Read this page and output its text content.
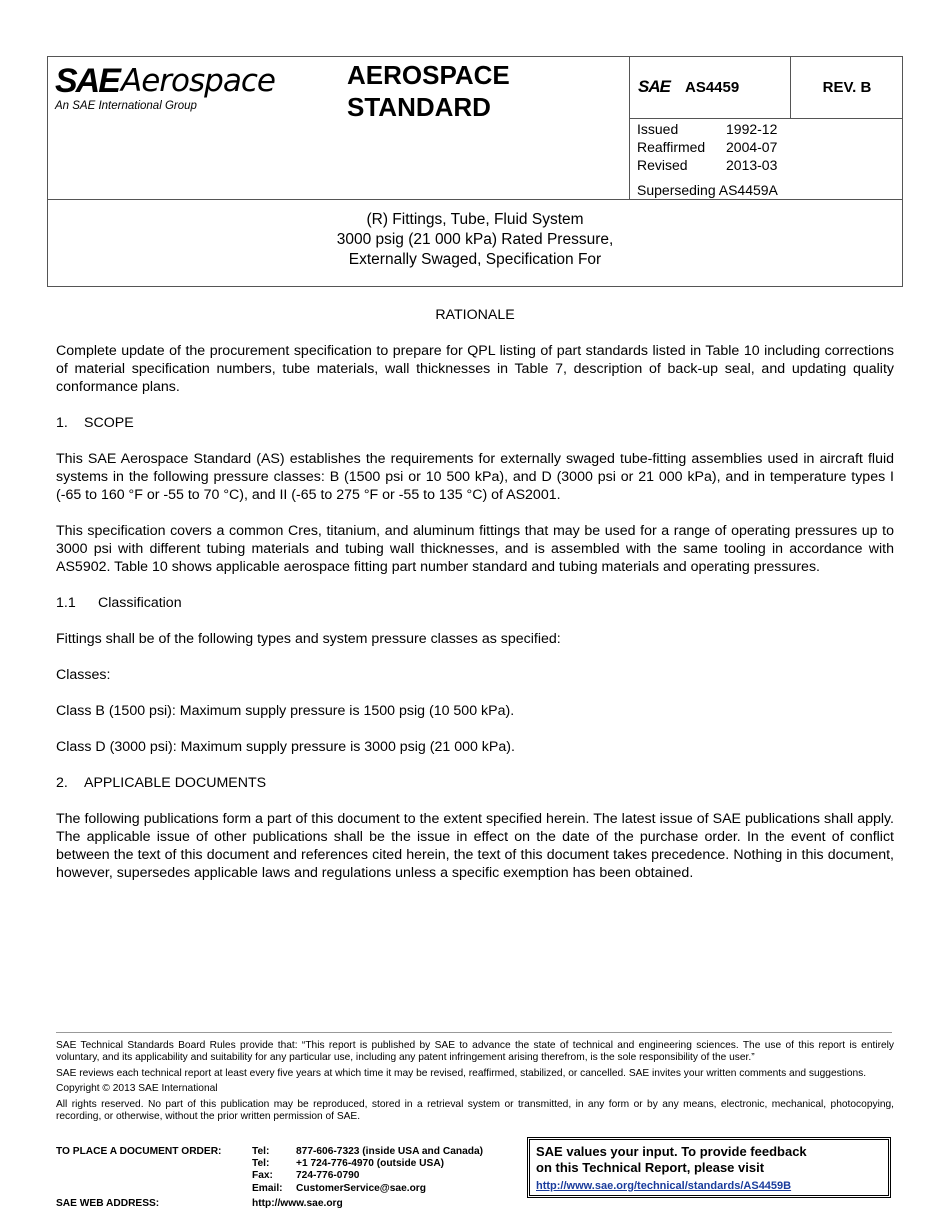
SAE Aerospace
An SAE International Group
AEROSPACE
STANDARD
SAE AS4459	REV. B
Issued	1992-12
Reaffirmed	2004-07
Revised	2013-03
Superseding AS4459A
(R) Fittings, Tube, Fluid System
3000 psig (21 000 kPa) Rated Pressure,
Externally Swaged, Specification For

RATIONALE

Complete update of the procurement specification to prepare for QPL listing of part standards listed in Table 10 including corrections of material specification numbers, tube materials, wall thicknesses in Table 7, description of back-up seal, and updating quality conformance plans.

1.	SCOPE

This SAE Aerospace Standard (AS) establishes the requirements for externally swaged tube-fitting assemblies used in aircraft fluid systems in the following pressure classes: B (1500 psi or 10 500 kPa), and D (3000 psi or 21 000 kPa), and in temperature types I (-65 to 160 °F or -55 to 70 °C), and II (-65 to 275 °F or -55 to 135 °C) of AS2001.

This specification covers a common Cres, titanium, and aluminum fittings that may be used for a range of operating pressures up to 3000 psi with different tubing materials and tubing wall thicknesses, and is assembled with the same tooling in accordance with AS5902. Table 10 shows applicable aerospace fitting part number standard and tubing materials and operating pressures.

1.1	Classification

Fittings shall be of the following types and system pressure classes as specified:

Classes:

Class B (1500 psi): Maximum supply pressure is 1500 psig (10 500 kPa).

Class D (3000 psi): Maximum supply pressure is 3000 psig (21 000 kPa).

2.	APPLICABLE DOCUMENTS

The following publications form a part of this document to the extent specified herein. The latest issue of SAE publications shall apply. The applicable issue of other publications shall be the issue in effect on the date of the purchase order. In the event of conflict between the text of this document and references cited herein, the text of this document takes precedence. Nothing in this document, however, supersedes applicable laws and regulations unless a specific exemption has been obtained.

SAE Technical Standards Board Rules provide that: “This report is published by SAE to advance the state of technical and engineering sciences. The use of this report is entirely voluntary, and its applicability and suitability for any particular use, including any patent infringement arising therefrom, is the sole responsibility of the user.”

SAE reviews each technical report at least every five years at which time it may be revised, reaffirmed, stabilized, or cancelled. SAE invites your written comments and suggestions.

Copyright © 2013 SAE International

All rights reserved. No part of this publication may be reproduced, stored in a retrieval system or transmitted, in any form or by any means, electronic, mechanical, photocopying, recording, or otherwise, without the prior written permission of SAE.

TO PLACE A DOCUMENT ORDER:	Tel:	877-606-7323 (inside USA and Canada)
Tel:	+1 724-776-4970 (outside USA)
Fax:	724-776-0790
Email:	CustomerService@sae.org
SAE WEB ADDRESS:	http://www.sae.org
SAE values your input. To provide feedback
on this Technical Report, please visit
http://www.sae.org/technical/standards/AS4459B
